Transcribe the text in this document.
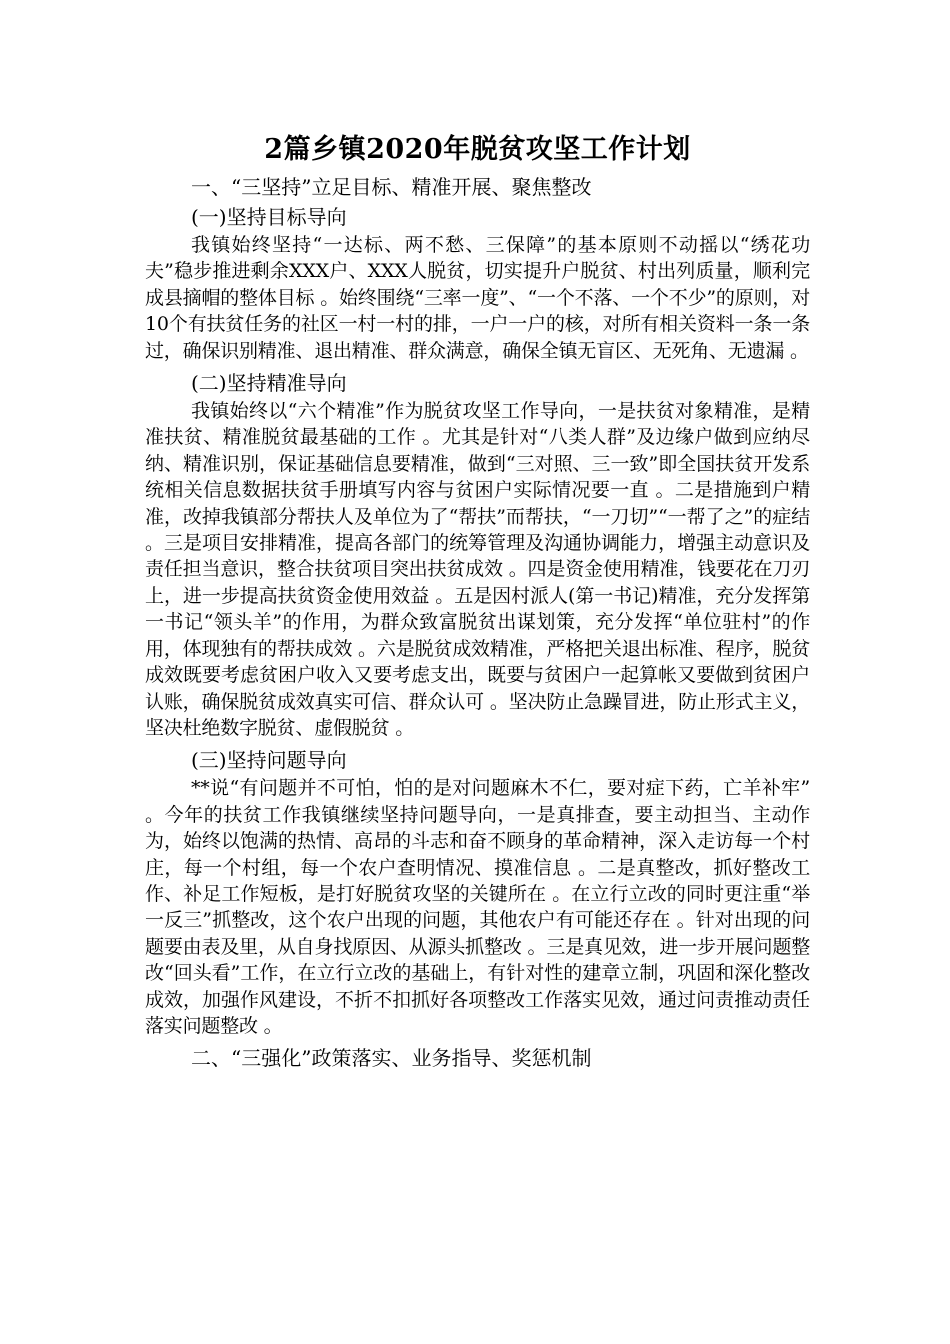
2篇乡镇2020年脱贫攻坚工作计划

一、“三坚持”立足目标、精准开展、聚焦整改

(一)坚持目标导向

我镇始终坚持“一达标、两不愁、三保障”的基本原则不动摇以“绣花功夫”稳步推进剩余XXX户、XXX人脱贫，切实提升户脱贫、村出列质量，顺利完成县摘帽的整体目标 。始终围绕“三率一度”、“一个不落、一个不少”的原则，对10个有扶贫任务的社区一村一村的排，一户一户的核，对所有相关资料一条一条过，确保识别精准、退出精准、群众满意，确保全镇无盲区、无死角、无遗漏 。

(二)坚持精准导向

我镇始终以“六个精准”作为脱贫攻坚工作导向，一是扶贫对象精准，是精准扶贫、精准脱贫最基础的工作 。尤其是针对“八类人群”及边缘户做到应纳尽纳、精准识别，保证基础信息要精准，做到“三对照、三一致”即全国扶贫开发系统相关信息数据扶贫手册填写内容与贫困户实际情况要一直 。二是措施到户精准，改掉我镇部分帮扶人及单位为了“帮扶”而帮扶，“一刀切”“一帮了之”的症结 。三是项目安排精准，提高各部门的统筹管理及沟通协调能力，增强主动意识及责任担当意识，整合扶贫项目突出扶贫成效 。四是资金使用精准，钱要花在刀刃上，进一步提高扶贫资金使用效益 。五是因村派人(第一书记)精准，充分发挥第一书记“领头羊”的作用，为群众致富脱贫出谋划策，充分发挥“单位驻村”的作用，体现独有的帮扶成效 。六是脱贫成效精准，严格把关退出标准、程序，脱贫成效既要考虑贫困户收入又要考虑支出，既要与贫困户一起算帐又要做到贫困户认账，确保脱贫成效真实可信、群众认可 。坚决防止急躁冒进，防止形式主义，坚决杜绝数字脱贫、虚假脱贫 。

(三)坚持问题导向

**说“有问题并不可怕，怕的是对问题麻木不仁，要对症下药，亡羊补牢” 。今年的扶贫工作我镇继续坚持问题导向，一是真排查，要主动担当、主动作为，始终以饱满的热情、高昂的斗志和奋不顾身的革命精神，深入走访每一个村庄，每一个村组，每一个农户查明情况、摸准信息 。二是真整改，抓好整改工作、补足工作短板，是打好脱贫攻坚的关键所在 。在立行立改的同时更注重“举一反三”抓整改，这个农户出现的问题，其他农户有可能还存在 。针对出现的问题要由表及里，从自身找原因、从源头抓整改 。三是真见效，进一步开展问题整改“回头看”工作，在立行立改的基础上，有针对性的建章立制，巩固和深化整改成效，加强作风建设，不折不扣抓好各项整改工作落实见效，通过问责推动责任落实问题整改 。

二、“三强化”政策落实、业务指导、奖惩机制
